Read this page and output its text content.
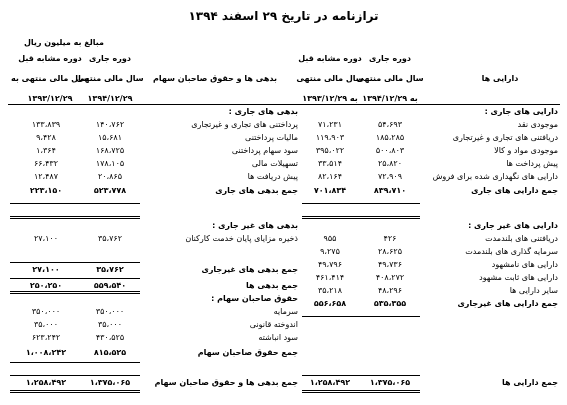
ترازنامه در تاریخ ۲۹ اسفند ۱۳۹۴
مبالغ به میلیون ریال
دوره جاری
دوره مشابه قبل
سال مالی منتهی
سال مالی منتهی	دارایی ها
به ۱۳۹۴/۱۲/۲۹
به ۱۳۹۳/۱۲/۲۹
دوره جاری
دوره مشابه قبل
سال مالی منتهی
سال مالی منتهی به	بدهی ها و حقوق صاحبان سهام
۱۳۹۴/۱۲/۲۹
۱۳۹۳/۱۲/۲۹
دارایی های جاری :
موجودی نقد
۵۴،۶۹۳
۷۱،۲۳۱
دریافتنی های تجاری و غیرتجاری
۱۸۵،۲۸۵
۱۱۹،۹۰۳
موجودی مواد و کالا
۵۰۰،۸۰۳
۳۹۵،۰۲۲
پیش پرداخت ها
۲۵،۸۲۰
۳۳،۵۱۴
دارایی های نگهداری شده برای فروش
۷۲،۹۰۹
۸۲،۱۶۴
جمع دارایی های جاری
۸۳۹،۷۱۰
۷۰۱،۸۳۴
دارایی های غیر جاری :
دریافتنی های بلندمدت
۴۲۶
۹۵۵
سرمایه گذاری های بلندمدت
۲۸،۶۲۵
۹،۲۷۵
دارایی های نامشهود
۴۹،۷۳۶
۴۹،۷۹۶
دارایی های ثابت مشهود
۴۰۸،۲۷۲
۴۶۱،۴۱۴
سایر دارایی ها
۴۸،۲۹۶
۳۵،۲۱۸
جمع دارایی های غیرجاری
۵۳۵،۳۵۵
۵۵۶،۶۵۸
جمع دارایی ها
۱،۳۷۵،۰۶۵
۱،۲۵۸،۴۹۲
بدهی های جاری :
پرداختنی های تجاری و غیرتجاری
۱۴۰،۷۶۲
۱۳۳،۸۳۹
مالیات پرداختنی
۱۵،۶۸۱
۹،۴۲۸
سود سهام پرداختنی
۱۶۸،۷۲۵
۱،۳۶۴
تسهیلات مالی
۱۷۸،۱۰۵
۶۶،۴۳۲
پیش دریافت ها
۲۰،۸۶۵
۱۲،۴۸۷
جمع بدهی های جاری
۵۲۳،۷۷۸
۲۲۳،۱۵۰
بدهی های غیر جاری :
ذخیره مزایای پایان خدمت کارکنان
۳۵،۷۶۲
۲۷،۱۰۰
جمع بدهی های غیرجاری
۳۵،۷۶۲
۲۷،۱۰۰
جمع بدهی ها
۵۵۹،۵۴۰
۲۵۰،۲۵۰
حقوق صاحبان سهام :
سرمایه
۳۵۰،۰۰۰
۳۵۰،۰۰۰
اندوخته قانونی
۳۵،۰۰۰
۳۵،۰۰۰
سود انباشته
۴۳۰،۵۲۵
۶۲۳،۲۴۲
جمع حقوق صاحبان سهام
۸۱۵،۵۲۵
۱،۰۰۸،۲۴۲
جمع بدهی ها و حقوق صاحبان سهام
۱،۳۷۵،۰۶۵
۱،۲۵۸،۴۹۲
